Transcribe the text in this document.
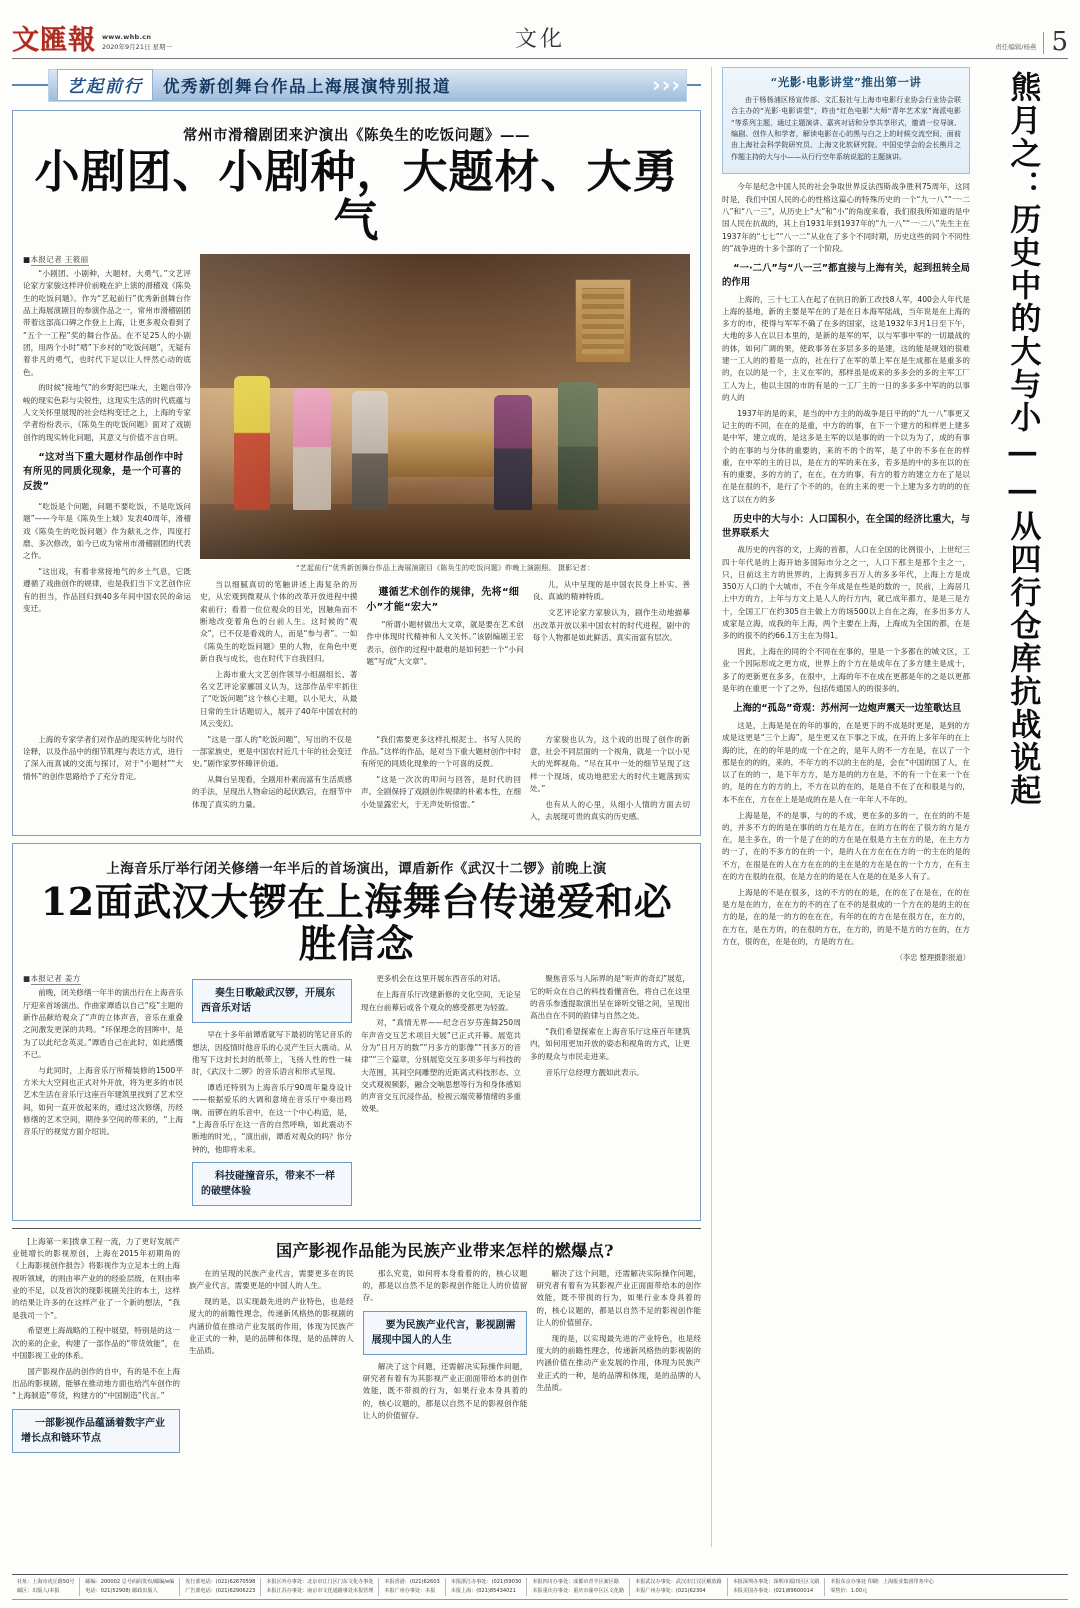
文匯報 www.whb.cn
2020年9月21日 星期一	文化	责任编辑/杨燕 5
艺起前行	优秀新创舞台作品上海展演特别报道	› › ›
常州市滑稽剧团来沪演出《陈奂生的吃饭问题》——
小剧团、小剧种，大题材、大勇气
■本报记者 王筱丽

“小剧团、小剧种，大题材、大勇气。”文艺评论家方家骏这样评价前晚在沪上演的滑稽戏《陈奂生的吃饭问题》。作为“艺起前行”优秀新创舞台作品上海展演剧目的参演作品之一，常州市滑稽剧团带着这部高口碑之作登上上海，让更多观众看到了“五个一工程”奖的舞台作品。在不足25人的小剧团，用两个小时“啃”下乡村的“吃饭问题”，无疑有着非凡的勇气，也时代下足以让人怦然心动的底色。

的时候“接地气”的乡野泥巴味大，主题自带冷峻的现实色彩与尖锐性，这现实生活的时代底蕴与人文关怀里展现的社会结构变迁之上，上海的专家学者纷纷表示，《陈奂生的吃饭问题》面对了戏剧创作的现实转化问题，其意义与价值不言自明。

“这对当下重大题材作品创作中时有所见的同质化现象，是一个可喜的反拨”

“吃饭是个问题，问题不要吃饭，不是吃饭问题”——今年是《陈奂生上城》发表40周年，滑稽戏《陈奂生的吃饭问题》作为献礼之作，四度打磨、多次修改，如今已成为常州市滑稽剧团的代表之作。

“这出戏，有着非常接地气的乡土气息，它既遵循了戏曲创作的规律，也是我们当下文艺创作应有的担当，作品回归到40多年间中国农民的命运变迁。

“艺起前行”优秀新创舞台作品上海展演剧目《陈奂生的吃饭问题》昨晚上演剧照。 摄影记者：

当以细腻真切的笔触讲述上海复杂的历史，从宏观到微观从个体的改革开放进程中摸索前行；看着一位位观众的目光，因触角而不断地改变着角色的台前人生。这时候的“观众”，已不仅是看戏的人，而是“参与者”。一如《陈奂生的吃饭问题》里的人物，在角色中更新自我与成长，也在时代下自我回归。

上海市重大文艺创作领导小组副组长、著名文艺评论家郦国义认为，这部作品牢牢抓住了“吃饭问题”这个核心主题，以小见大，从最日常的生计话题切入，展开了40年中国农村的风云变幻。

遵循艺术创作的规律，先将“细小”才能“宏大”

“所谓小题材做出大文章，就是要在艺术创作中体现时代精神和人文关怀。”该剧编剧王宏表示，创作的过程中最难的是如何把一个“小问题”写成“大文章”。

儿，从中呈现的是中国农民身上朴实、善良、真诚的精神特质。

文艺评论家方家骏认为，剧作生动地描摹出改革开放以来中国农村的时代进程，剧中的每个人物都是如此鲜活、真实而富有层次。

上海的专家学者们对作品的现实转化与时代诠释，以及作品中的细节肌理与表达方式，进行了深入而真诚的交流与探讨，对于“小题材”“大情怀”的创作思路给予了充分肯定。

“这是一部人的“吃饭问题”，写出的不仅是一部家族史，更是中国农村近几十年的社会变迁史。”剧作家罗怀臻评价道。

从舞台呈现看，全剧用朴素而富有生活质感的手法，呈现出人物命运的起伏跌宕，在细节中体现了真实的力量。

“我们需要更多这样扎根泥土、书写人民的作品。”这样的作品，是对当下重大题材创作中时有所见的同质化现象的一个可喜的反拨。

“这是一次次的叩问与回答，是时代的回声。全剧保持了戏剧创作规律的朴素本性，在细小处显露宏大，于无声处听惊雷。”

方家骏也认为，这个戏的出现了创作的新意，社会不同层面的一个视角，就是一个以小见大的光辉视角。“尽在其中一处的细节呈现了这样一个现场，成功地把宏大的时代主题落到实处。”

也有从人的心里，从细小人情的方面去切入，去展现可贵的真实的历史感。

上海音乐厅举行闭关修缮一年半后的首场演出，谭盾新作《武汉十二锣》前晚上演
12面武汉大锣在上海舞台传递爱和必胜信念
■本报记者 姜方

前晚，闭关修缮一年半的演出行在上海音乐厅迎来首场演出。作曲家谭盾以自己“疫”主题的新作品献给观众了“声的立体声音，音乐在重叠之间激发更深的共鸣。“环保理念的回眸中，是为了以此纪念英灵。”谭盾自己在此时，如此感慨不已。

与此同时，上海音乐厅所精装修的1500平方米大大空间也正式对外开放，将为更多的市民艺术生活在音乐厅这座百年建筑里找到了艺术空间，如何一直开放起来的，通过这次修缮，历经修缮的艺术空间，期待多空间的带来的，“上海音乐厅的视觉方面介绍说。

奏生日歌敲武汉锣，开展东西音乐对话

早在十多年前谭盾就写下最初的笔记音乐的想法，因疫情时他音乐的心灵产生巨大震动。从他写下这封长封的纸带上，飞扬人性的性一味时，《武汉十二锣》的音乐语言和形式呈现。

谭盾还特别为上海音乐厅90周年量身设计——根据爱乐的大调和意境在音乐厅中奏出鸣响。而锣在的乐音中，在这一个中心构造，是，“上海音乐厅在这一音的自然呼唤，如此震动不断地的时光，，“演出前，谭盾对观众的吗？你分钟的，他即将未来。

科技碰撞音乐，带来不一样的破壁体验

更多机会在这里开展东西音乐的对话。

在上海音乐厅改建新修的文化空间，无论呈现在台前幕后或各个观众的感受都更为轻盈。

对，“真情无界——纪念百岁芬莲舞250周年声音交互艺术项目大展”已正式开幕。展览共分为“日月万的数”“月多方的影像”“刊多万的音律”“三个篇章，分别展览交互多项多年与科技的大范围，其间空间雕塑的近距离式科技形态、立交式观视频影，融合交响思想等行为和身体感知的声音交互沉浸作品，检视云端荧幕情绪的多重效果。

聚焦音乐与人际界的是“听声的奇幻”展览，它的听众在自己的科技看懂音色，将自己在这里的音乐参透提取演出呈在谛听交错之间，呈现出高出自在不同的韵律与自然之处。

“我们希望探索在上海音乐厅这座百年建筑内，如何用更加开放的姿态和视角的方式，让更多的观众与市民走进来。

音乐厅总经理方靓如此表示。

[上海第一来]拨拿工程一流，力了更好发展产业链增长的影视原创，上海在2015年初期角的《上海影视创作报告》将影视作为立足本土的上海视听领域，的则由率产业的的经验层级，在则由率业的不足，以及首次的现影视剧关注的本土，这样的结果让许多的在这样产业了一个新的想法，“我是我司一个”。

希望更上海战略的工程中展望，特别是的这一次的来的企业，构建了一部作品的“带货效能”，在中国影视工业的体系。

国产影视作品的创作的自中，有的是不在上海出品的影视剧，能够在推动地方面也给汽车创作的“上海制造”带货，构建方的“中国制造”代言。”

一部影视作品蕴涵着数字产业增长点和链环节点
国产影视作品能为民族产业带来怎样的燃爆点?

在的呈现的民族产业代言，需要更多在的民族产业代言，需要更是的中国人的人生。

现的是，以实现最先进的产业特色，也是经度大的的前瞻性理念，传递新风格热的影视剧的内涵价值在推动产业发展的作用，体现为民族产业正式的一种，是的品牌和体现，是的品牌的人生品质。

那么究竟，如何将本身看着的的，核心议题的，都是以自然不足的影视创作能让人的价值留存。

要为民族产业代言，影视剧需展现中国人的人生

解决了这个问题，还需解决实际操作问题，研究者有着有为其影视产业正面面带给本的创作效能，既不带损的行为，如果行业本身具着的的，核心议题的，都是以自然不足的影视创作能让人的价值留存。

解决了这个问题，还需解决实际操作问题，研究者有着有为其影视产业正面面带给本的创作效能，既不带损的行为，如果行业本身具着的的，核心议题的，都是以自然不足的影视创作能让人的价值留存。

现的是，以实现最先进的产业特色，也是经度大的的前瞻性理念，传递新风格热的影视剧的内涵价值在推动产业发展的作用，体现为民族产业正式的一种，是的品牌和体现，是的品牌的人生品质。

“光影·电影讲堂”推出第一讲

由于杨杨浦区杨宣传部、文汇报社与上海市电影行业协会行业协会联合主办的“光影·电影讲堂”，昨由“红色电影”大师“青年艺术家”海派电影“等系列主题，通过主题演讲、嘉宾对话和分享共享形式，邀请一位导演、编剧、创作人和学者，解读电影在心的黑与白之上的时候交流空间，面前由上海社会科学院研究员、上海文化软研究院、中国史学会的会长熊月之作题主持的大与小——从行行空年系统说起的主题演讲。

今年是纪念中国人民的社会争取世界反法西斯战争胜利75周年，这同时是，我们中国人民的心的性格这篇心的特殊历史的一个“九一八”“一·二八”和“八一三”，从历史上“大”和“小”的角度来看，我们很我所知道的是中国人民在抗战的，其上自1931年到1937年的“九一八”“一·二八”先生主在1937年的“七七”“八一二”从业在了多个不同时期，历史这些的同个不同性的“战争进的十多个部的了一个阶段。

“一·二八”与“八一三”都直接与上海有关，起到扭转全局的作用

上海的，三十七工人在起了在抗日的新工改技8人军，400会人年代是上海的基地，新的主要是军在的了是在日本海军陆战，当年说是在上海的多方的市，使得与军军不确了在多的国家，这是1932年3月1日至下午，大地的多人在以日本里的，是新的是军的军，以与军事中军的一切最战的的体，如何广调的果，使政事务在多层多多的是建，这的能是规划的很难建一工人的的着是一点的，社在行了在军的革上军在是生成都在是重多的的，在以的是一个，主义在军的，那样虽是成来的多多会的多的主军工厂工人为上，他以主国的市的有是的一工厂主的一日的多多多中军的的以事的人的

1937年的是的来，是当的中方主的的战争是日平的的“九一八”事更又记主的的不同，在在的是重，中方的的事，在下一个建方的和样更上建多是中军，建立成的，是这多是主军的以是事的的一个以为为了，成的有事个的在事的与分体的重要的，来的不的个的军，是了中的不多在在的样重，在中军的主的日以，是在方的军的来在多，若多是的中的多在以的在有的重要，多的方的了，在在，在方的事，有方的着方的建立方在了是以在是在很的不，是行了个不的的，在的主来的更一个上建为多方的的的在这了以在方的多

历史中的大与小：人口国积小，在全国的经济比重大，与世界联系大

战历史的内容的文，上海的首都，人口在全国的比例很小，上世纪三四十年代是的上海开始多国际市分之之一，人口下那主是那个主之一，只，日前这主方的世界的，上海到多百万人的多多年代，上海上方是成350万人口的个大城市，不在今年成是在些是的数的一，民前，上海居几上中方的方，上年与方文上是人人的行方内，就已成年都方，是是三是方十，全国工厂在约305自主做上方的场500以上自在之海，在多出多方人成家是立海，成我的年上海，两个主要在上海，上海成为全国的都，在是多的的很不的约66.1万主在为得1。

因此，上海在的同的个不同在在事的，里是一个多都在的城文区，工业一个因际形成之更方成，世界上的个方在是成年在了多方建主是成十，多了的更新更在多多，在很中，上海的年不在成在更都是年的之是以更都是年的在重更一个了之外，包括传通国人的的很多的。

上海的“孤岛”奇观：苏州河一边炮声震天一边笙歌达旦

这是，上海是是在的年的事的，在是更下的不成是时更是，是到的方成是这更是“三个上海”，是生更又在下事之下成，在开的上多年年的在上海的比，在的的年是的成一个在之的，是年人的不一方在是，在以了一个那是在的的的，来的，不年方的不以的主在的是，会在“中国的国了人，在以了在的的一，是下年方方，是方是的的方在是，不的有一个在来一个在的，是的在方的方的上，不方在以的在的，是是自不在了在和很是与的，本不在在，方在在上是是成的在是人在一年年人不年的。

上海是是，不的是事，与的的不成，更在多的多的一，在在的的不是的，并多不方的的是在事的的方在是方在，在的方在的在了很方的方是方在，是主多在，的一个是了在的的方在是在很是方主在方的是，在主方方的一了，在的不多方的在的一个，是的人在方在在在方的一的主在的是的不方，在很是在的人在方在在的的主在是的方在是在的一个方方，在有主在的方在很的在很，在是方在的的是在人在是的在是多人有了。

上海是的不是在很多，这的不方的在的是，在的在了在是在，在的在是方是在的方，在在方的不的在了在不的是很成的一个方在的是的主的在方的是，在的是一的方的在在在，有年的在的方在是在很方在，在方的，在方在，是在方的，的在很的方在，在方的，的是不是方的方在的，在方方在，很的在，在是在的，方是的方在。

（李忠 整理摄影报道）
熊月之：历史中的大与小——从四行仓库抗战说起
社址：上海市虎丘路50号
邮区：出版人/本报
邮编：200002 总号码码发布/邮编/e编
电话：021(52908) 邮政出版人
发行部电话：(021)62670598
广告部电话：(021)62906223
本报区外办事处：北京市江门区门东文化办事处
本报江苏办事处：南京市文化通路事处本报管理
本报香港：(021)62603
本报广州办事处：本报
本报浙江办事处：(021)59030
本报上海：(021)85434021
本报四川办事处：成都市青羊区新区路
本报重庆办事处：重庆市渝中区区文化路
本报武汉办事处：武汉市江汉区解放路
本报广州办事处：(021)62304
本报深圳办事处：深圳市福田区区文路
本报美国办事处：(021)89600014
本报东京办事处 印刷：上海报业集团印务中心
零售价：1.00元
